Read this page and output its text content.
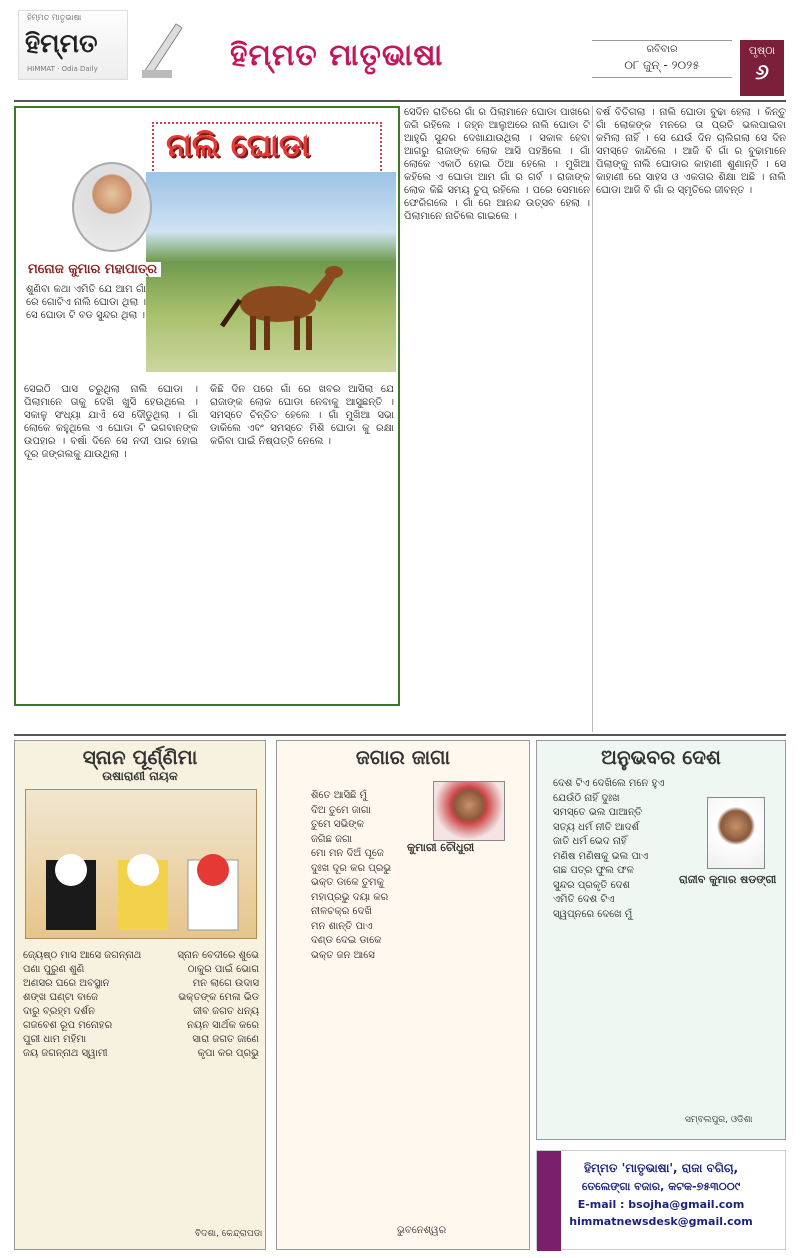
ହିମ୍ମତ ମାତୃଭାଷା
ହିମ୍ମତ
HIMMAT · Odia Daily	ହିମ୍ମତ ମାତୃଭାଷା	ରବିବାର
୦୮ ଜୁନ୍ - ୨୦୨୫
ପୃଷ୍ଠା
୬
ନାଲି ଘୋଡା
ମନୋଜ କୁମାର ମହାପାତ୍ର
ଶୁଣିବା କଥା ଏମିତି ଯେ ଆମ ଗାଁ ରେ ଗୋଟିଏ ନାଲି ଘୋଡା ଥିଲା । ସେ ଘୋଡା ଟି ବଡ ସୁନ୍ଦର ଥିଲା ।
ସେଇଠି ଘାସ ଚରୁଥିଲା ନାଲି ଘୋଡା । ପିଲାମାନେ ତାକୁ ଦେଖି ଖୁସି ହେଉଥିଲେ । ସକାଳୁ ସଂଧ୍ୟା ଯାଏଁ ସେ ଦୌଡୁଥିଲା । ଗାଁ ଲୋକେ କହୁଥିଲେ ଏ ଘୋଡା ଟି ଭଗବାନଙ୍କ ଉପହାର । ବର୍ଷା ଦିନେ ସେ ନଦୀ ପାର ହୋଇ ଦୂର ଜଙ୍ଗଲକୁ ଯାଉଥିଲା ।
କିଛି ଦିନ ପରେ ଗାଁ ରେ ଖବର ଆସିଲା ଯେ ରାଜାଙ୍କ ଲୋକ ଘୋଡା ନେବାକୁ ଆସୁଛନ୍ତି । ସମସ୍ତେ ଚିନ୍ତିତ ହେଲେ । ଗାଁ ମୁଖିଆ ସଭା ଡାକିଲେ ଏବଂ ସମସ୍ତେ ମିଶି ଘୋଡା କୁ ରକ୍ଷା କରିବା ପାଇଁ ନିଷ୍ପତ୍ତି ନେଲେ ।
ସେଦିନ ରାତିରେ ଗାଁ ର ପିଲାମାନେ ଘୋଡା ପାଖରେ ଜଗି ରହିଲେ । ଜହ୍ନ ଆଲୁଅରେ ନାଲି ଘୋଡା ଟି ଆହୁରି ସୁନ୍ଦର ଦେଖାଯାଉଥିଲା । ସକାଳ ହେବା ଆଗରୁ ରାଜାଙ୍କ ଲୋକ ଆସି ପହଞ୍ଚିଲେ । ଗାଁ ଲୋକେ ଏକାଠି ହୋଇ ଠିଆ ହେଲେ । ମୁଖିଆ କହିଲେ ଏ ଘୋଡା ଆମ ଗାଁ ର ଗର୍ବ । ରାଜାଙ୍କ ଲୋକ କିଛି ସମୟ ଚୁପ୍ ରହିଲେ । ପରେ ସେମାନେ ଫେରିଗଲେ । ଗାଁ ରେ ଆନନ୍ଦ ଉତ୍ସବ ହେଲା । ପିଲାମାନେ ନାଚିଲେ ଗାଇଲେ ।
ବର୍ଷ ବିତିଗଲା । ନାଲି ଘୋଡା ବୁଢା ହେଲା । କିନ୍ତୁ ଗାଁ ଲୋକଙ୍କ ମନରେ ତା ପ୍ରତି ଭଲପାଇବା କମିଲା ନାହିଁ । ସେ ଯେଉଁ ଦିନ ଚାଲିଗଲା ସେ ଦିନ ସମସ୍ତେ କାନ୍ଦିଲେ । ଆଜି ବି ଗାଁ ର ବୁଢାମାନେ ପିଲାଙ୍କୁ ନାଲି ଘୋଡାର କାହାଣୀ ଶୁଣାନ୍ତି । ସେ କାହାଣୀ ରେ ସାହସ ଓ ଏକତାର ଶିକ୍ଷା ଅଛି । ନାଲି ଘୋଡା ଆଜି ବି ଗାଁ ର ସ୍ମୃତିରେ ଜୀବନ୍ତ ।
ସ୍ନାନ ପୂର୍ଣ୍ଣିମା
ଉଷାରାଣୀ ନାୟକ
ଜ୍ୟେଷ୍ଠ ମାସ ଆସେ ଜଗନ୍ନାଥ	ସ୍ନାନ ବେଦୀରେ ଶୁଭେ
ପଣା ପୁରୁଣ ଶୁଣି	ଠାକୁର ପାଇଁ ଭୋଗ
ଅଣସର ଘରେ ଅବସ୍ଥାନ	ମନ ଲାଗେ ଉଦାସ
ଶଙ୍ଖ ଘଣ୍ଟା ବାଜେ	ଭକ୍ତଙ୍କ ମେଳା ଭିଡ
ଦାରୁ ବ୍ରହ୍ମ ଦର୍ଶନ	ଜୀବ ଜଗତ ଧନ୍ୟ
ଗଜବେଶ ରୂପ ମନୋହର	ନୟନ ସାର୍ଥକ କରେ
ପୁରୀ ଧାମ ମହିମା	ସାରା ଜଗତ ଜାଣେ
ଜୟ ଜଗନ୍ନାଥ ସ୍ୱାମୀ	କୃପା କର ପ୍ରଭୁ
ବିଦଶା, କେନ୍ଦ୍ରାପଡା
ଜଗାର ଜାଗା
କୁମାରୀ ଚୌଧୁରୀ
ଶିତେ ଆସିଛି ମୁଁ
ଦିଅ ତୁମେ ଜାଗା
ତୁମେ ସଭିଙ୍କ
ଜଗିଛ ଜଗା
ମୋ ମନ ଦିଅଁ ପୂଜେ
ଦୁଃଖ ଦୂର କର ପ୍ରଭୁ
ଭକ୍ତ ଡାକେ ତୁମକୁ
ମହାପ୍ରଭୁ ଦୟା କର
ନୀଳଚକ୍ର ଦେଖି
ମନ ଶାନ୍ତି ପାଏ
ଦଣ୍ଡ ଦେଇ ଡାକେ
ଭକ୍ତ ଜନ ଆସେ
ଭୁବନେଶ୍ୱର
ଅନୁଭବର ଦେଶ
ରାଜୀବ କୁମାର ଷଡଙ୍ଗୀ
ଦେଶ ଟିଏ ଦେଖିଲେ ମନେ ହୁଏ
ଯେଉଁଠି ନାହିଁ ଦୁଃଖ
ସମସ୍ତେ ଭଲ ପାଆନ୍ତି
ସତ୍ୟ ଧର୍ମ ନୀତି ଆଦର୍ଶ
ଜାତି ଧର୍ମ ଭେଦ ନାହିଁ
ମଣିଷ ମଣିଷକୁ ଭଲ ପାଏ
ଗଛ ପତ୍ର ଫୁଲ ଫଳ
ସୁନ୍ଦର ପ୍ରକୃତି ଦେଶ
ଏମିତି ଦେଶ ଟିଏ
ସ୍ୱପ୍ନରେ ଦେଖେ ମୁଁ
ସମ୍ବଲପୁର, ଓଡିଶା
ହିମ୍ମତ 'ମାତୃଭାଷା', ରାଜା ବଗିଚା,
ତେଲେଙ୍ଗା ବଜାର, କଟକ-୭୫୩୦୦୯
E-mail : bsojha@gmail.com
himmatnewsdesk@gmail.com
